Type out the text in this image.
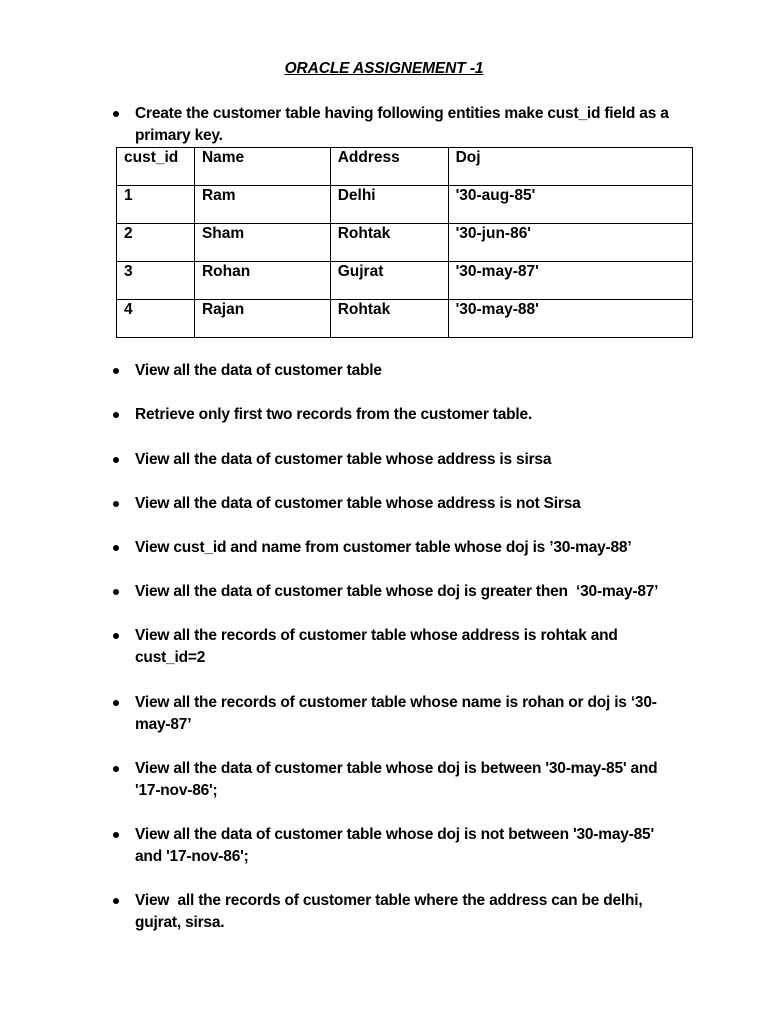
ORACLE ASSIGNEMENT -1
Create the customer table having following entities make cust_id field as a primary key.
cust_id	Name	Address	Doj

1	Ram	Delhi	'30-aug-85'

2	Sham	Rohtak	'30-jun-86'

3	Rohan	Gujrat	'30-may-87'

4	Rajan	Rohtak	'30-may-88'
View all the data of customer table
Retrieve only first two records from the customer table.
View all the data of customer table whose address is sirsa
View all the data of customer table whose address is not Sirsa
View cust_id and name from customer table whose doj is ’30-may-88’
View all the data of customer table whose doj is greater then  ‘30-may-87’
View all the records of customer table whose address is rohtak and cust_id=2
View all the records of customer table whose name is rohan or doj is ‘30-may-87’
View all the data of customer table whose doj is between '30-may-85' and '17-nov-86';
View all the data of customer table whose doj is not between '30-may-85' and '17-nov-86';
View  all the records of customer table where the address can be delhi, gujrat, sirsa.
